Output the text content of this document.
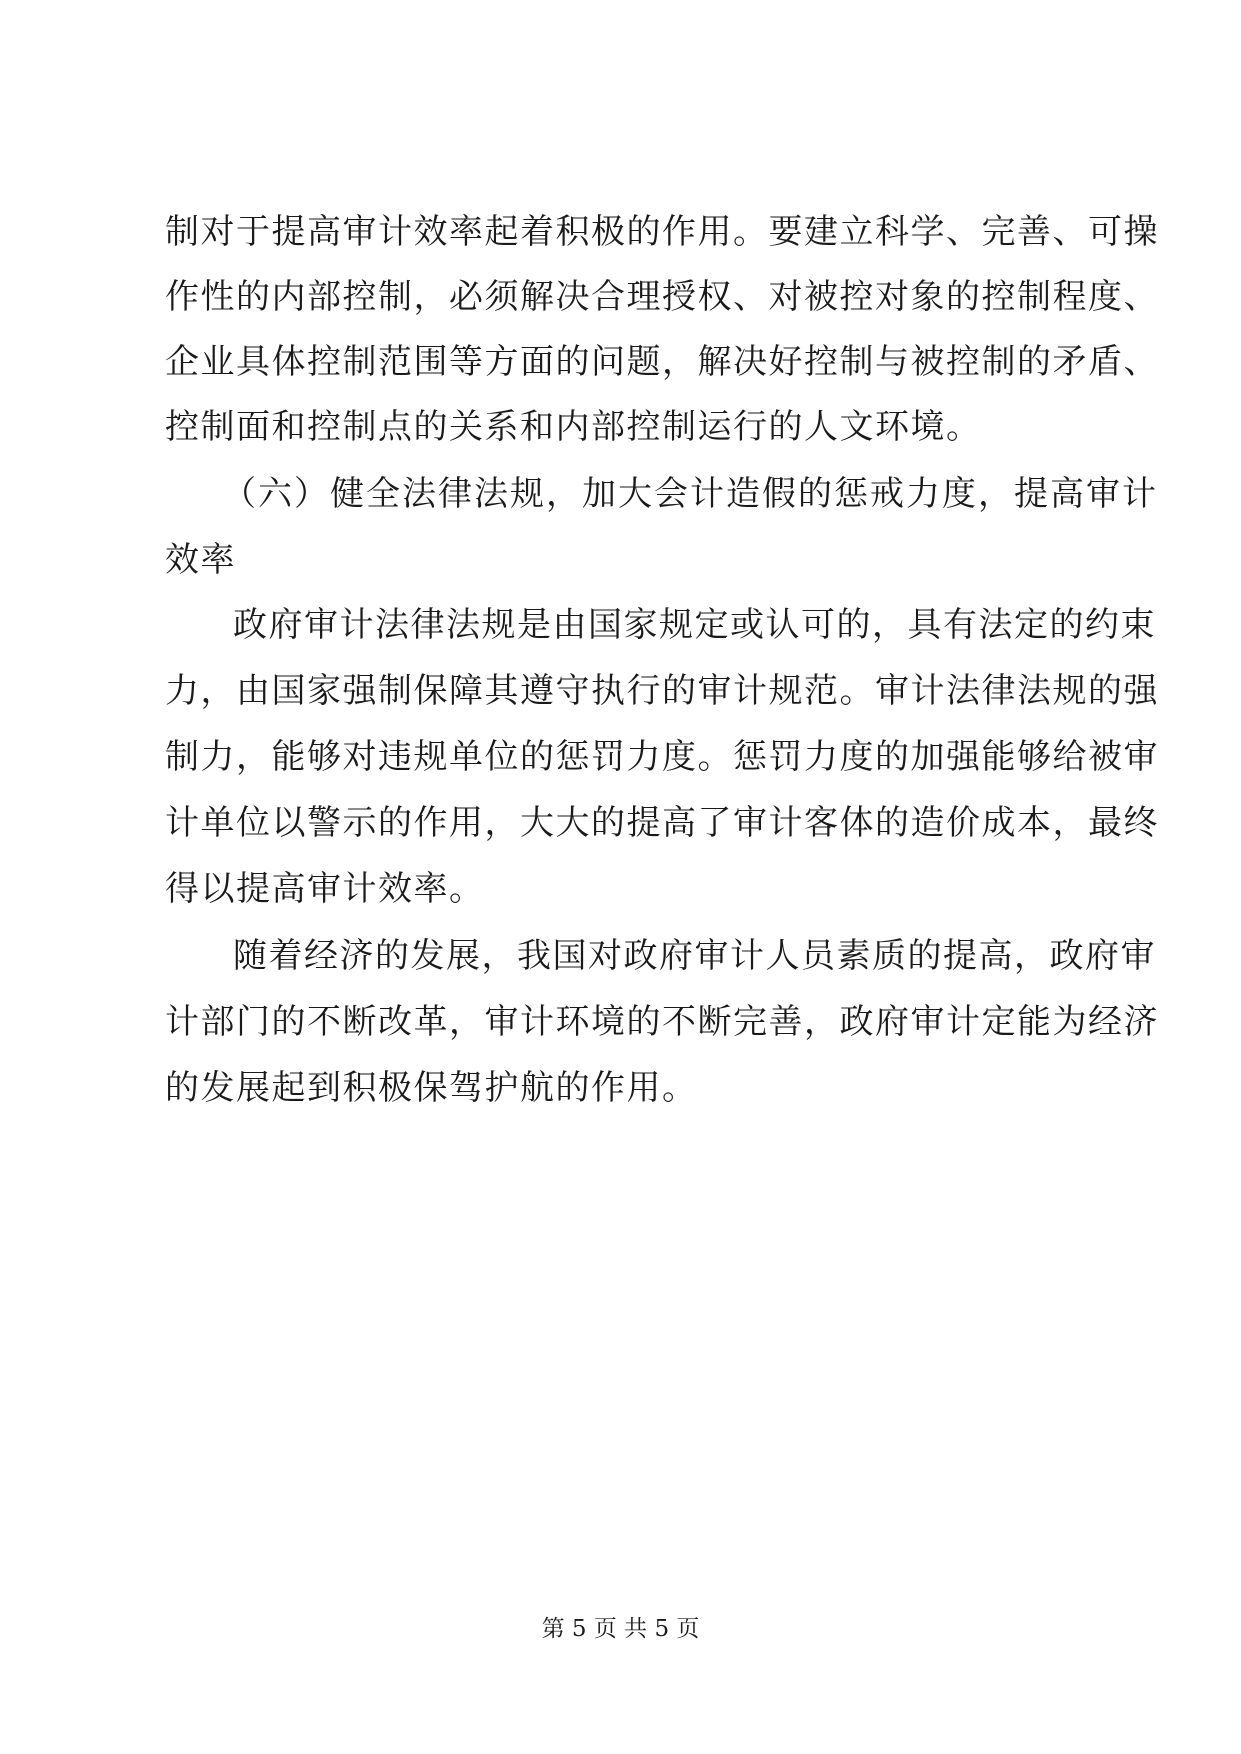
制对于提高审计效率起着积极的作用。要建立科学、完善、可操
作性的内部控制，必须解决合理授权、对被控对象的控制程度、
企业具体控制范围等方面的问题，解决好控制与被控制的矛盾、
控制面和控制点的关系和内部控制运行的人文环境。
（六）健全法律法规，加大会计造假的惩戒力度，提高审计
效率
政府审计法律法规是由国家规定或认可的，具有法定的约束
力，由国家强制保障其遵守执行的审计规范。审计法律法规的强
制力，能够对违规单位的惩罚力度。惩罚力度的加强能够给被审
计单位以警示的作用，大大的提高了审计客体的造价成本，最终
得以提高审计效率。
随着经济的发展，我国对政府审计人员素质的提高，政府审
计部门的不断改革，审计环境的不断完善，政府审计定能为经济
的发展起到积极保驾护航的作用。
第 5 页 共 5 页
